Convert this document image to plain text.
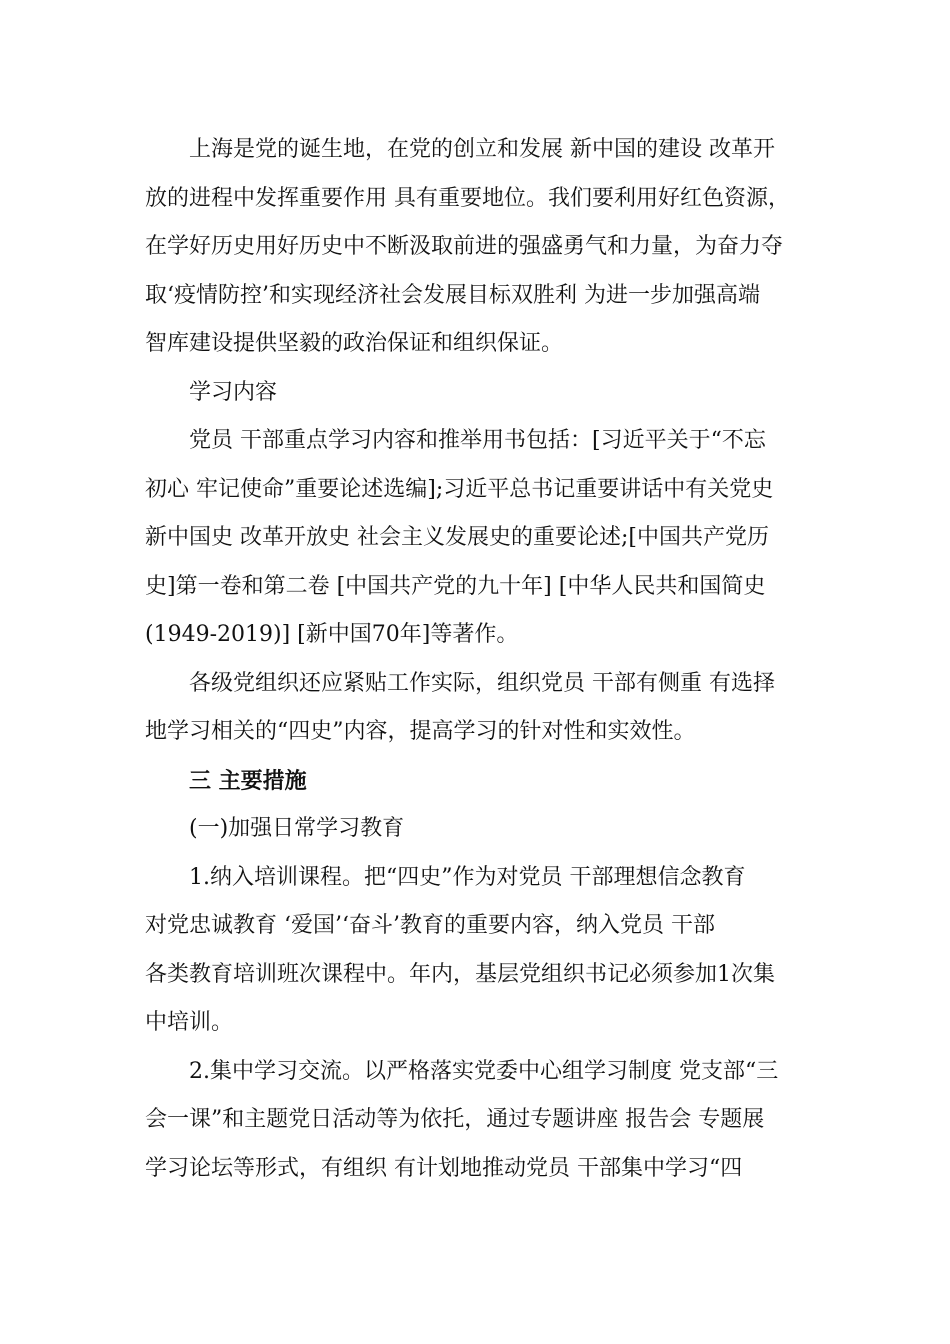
上海是党的诞生地，在党的创立和发展 新中国的建设 改革开
放的进程中发挥重要作用 具有重要地位。我们要利用好红色资源，
在学好历史用好历史中不断汲取前进的强盛勇气和力量，为奋力夺
取‘疫情防控’和实现经济社会发展目标双胜利 为进一步加强高端
智库建设提供坚毅的政治保证和组织保证。
学习内容
党员 干部重点学习内容和推举用书包括：[习近平关于“不忘
初心 牢记使命”重要论述选编];习近平总书记重要讲话中有关党史
新中国史 改革开放史 社会主义发展史的重要论述;[中国共产党历
史]第一卷和第二卷 [中国共产党的九十年] [中华人民共和国简史
(1949-2019)] [新中国70年]等著作。
各级党组织还应紧贴工作实际，组织党员 干部有侧重 有选择
地学习相关的“四史”内容，提高学习的针对性和实效性。
三 主要措施
(一)加强日常学习教育
1.纳入培训课程。把“四史”作为对党员 干部理想信念教育
对党忠诚教育 ‘爱国’‘奋斗’教育的重要内容，纳入党员 干部
各类教育培训班次课程中。年内，基层党组织书记必须参加1次集
中培训。
2.集中学习交流。以严格落实党委中心组学习制度 党支部“三
会一课”和主题党日活动等为依托，通过专题讲座 报告会 专题展
学习论坛等形式，有组织 有计划地推动党员 干部集中学习“四
